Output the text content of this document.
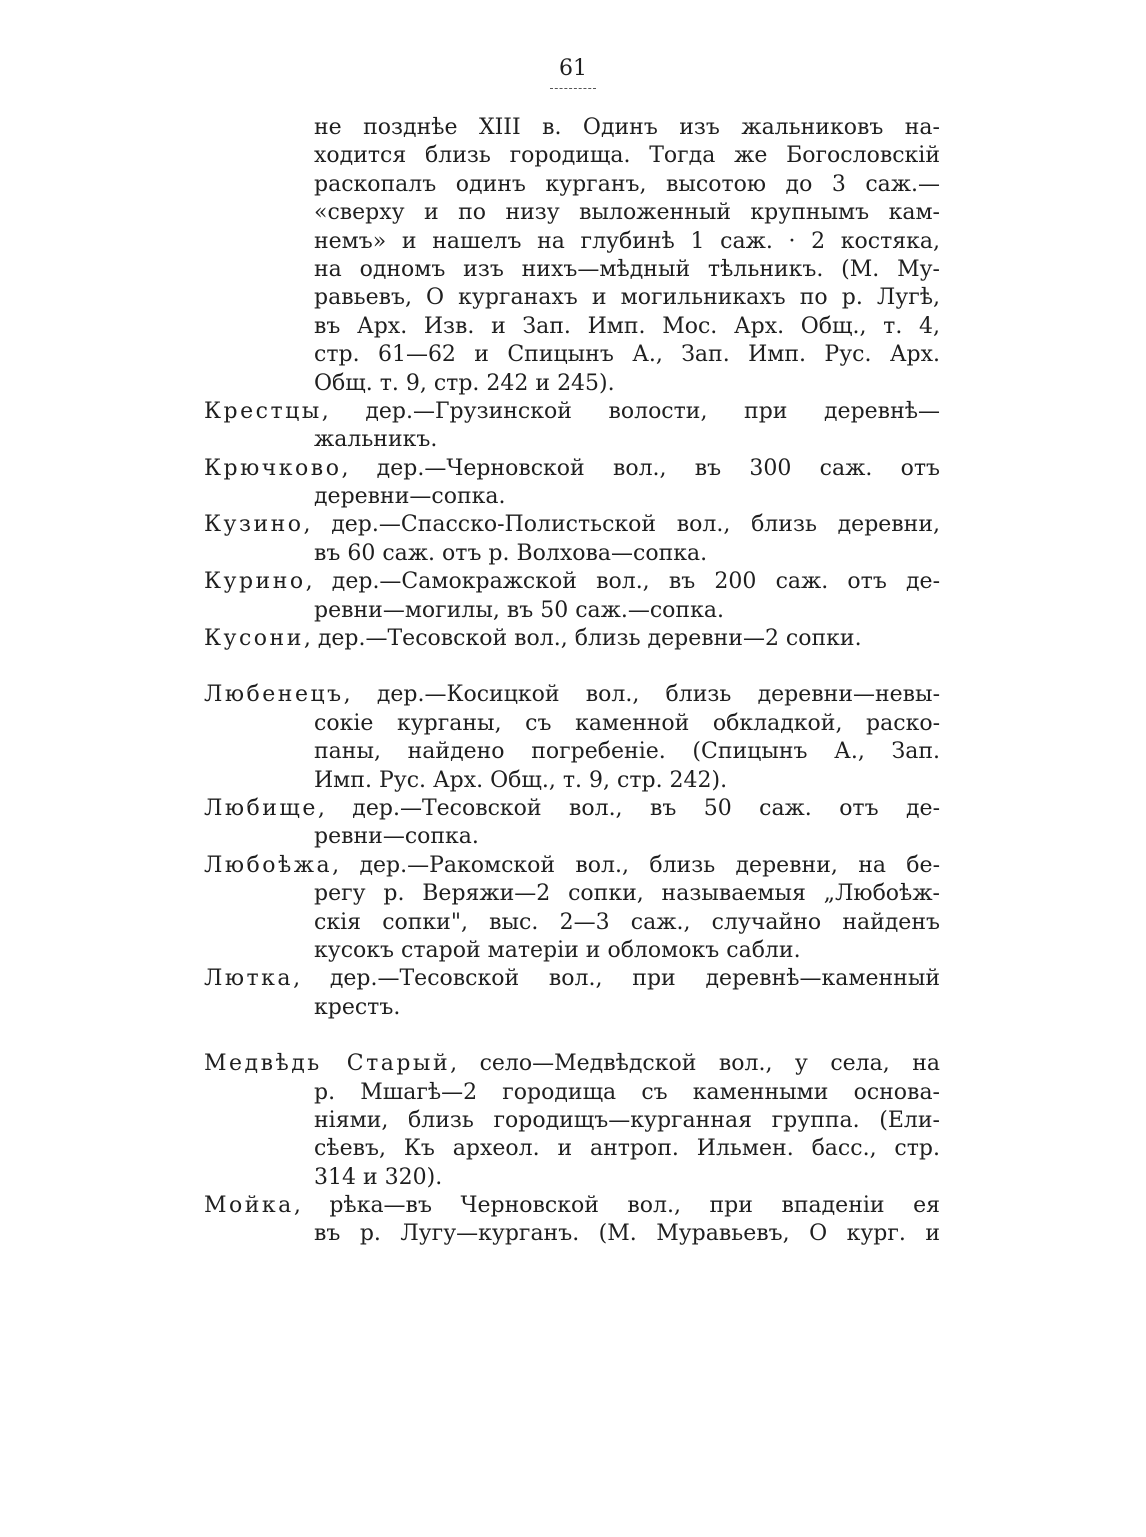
61
не позднѣе XIII в. Одинъ изъ жальниковъ на-
ходится близь городища. Тогда же Богословскій
раскопалъ одинъ курганъ, высотою до 3 саж.—
«сверху и по низу выложенный крупнымъ кам-
немъ» и нашелъ на глубинѣ 1 саж. · 2 костяка,
на одномъ изъ нихъ—мѣдный тѣльникъ. (М. Му-
равьевъ, О курганахъ и могильникахъ по р. Лугѣ,
въ Арх. Изв. и Зап. Имп. Мос. Арх. Общ., т. 4,
стр. 61—62 и Спицынъ А., Зап. Имп. Рус. Арх.
Общ. т. 9, стр. 242 и 245).
Крестцы, дер.—Грузинской волости, при деревнѣ—
жальникъ.
Крючково, дер.—Черновской вол., въ 300 саж. отъ
деревни—сопка.
Кузино, дер.—Спасско-Полистьской вол., близь деревни,
въ 60 саж. отъ р. Волхова—сопка.
Курино, дер.—Самокражской вол., въ 200 саж. отъ де-
ревни—могилы, въ 50 саж.—сопка.
Кусони, дер.—Тесовской вол., близь деревни—2 сопки.
Любенецъ, дер.—Косицкой вол., близь деревни—невы-
сокіе курганы, съ каменной обкладкой, раско-
паны, найдено погребеніе. (Спицынъ А., Зап.
Имп. Рус. Арх. Общ., т. 9, стр. 242).
Любище, дер.—Тесовской вол., въ 50 саж. отъ де-
ревни—сопка.
Любоѣжа, дер.—Ракомской вол., близь деревни, на бе-
регу р. Веряжи—2 сопки, называемыя „Любоѣж-
скія сопки", выс. 2—3 саж., случайно найденъ
кусокъ старой матеріи и обломокъ сабли.
Лютка, дер.—Тесовской вол., при деревнѣ—каменный
крестъ.
Медвѣдь Старый, село—Медвѣдской вол., у села, на
р. Мшагѣ—2 городища съ каменными основа-
ніями, близь городищъ—курганная группа. (Ели-
сѣевъ, Къ археол. и антроп. Ильмен. басс., стр.
314 и 320).
Мойка, рѣка—въ Черновской вол., при впаденіи ея
въ р. Лугу—курганъ. (М. Муравьевъ, О кург. и
